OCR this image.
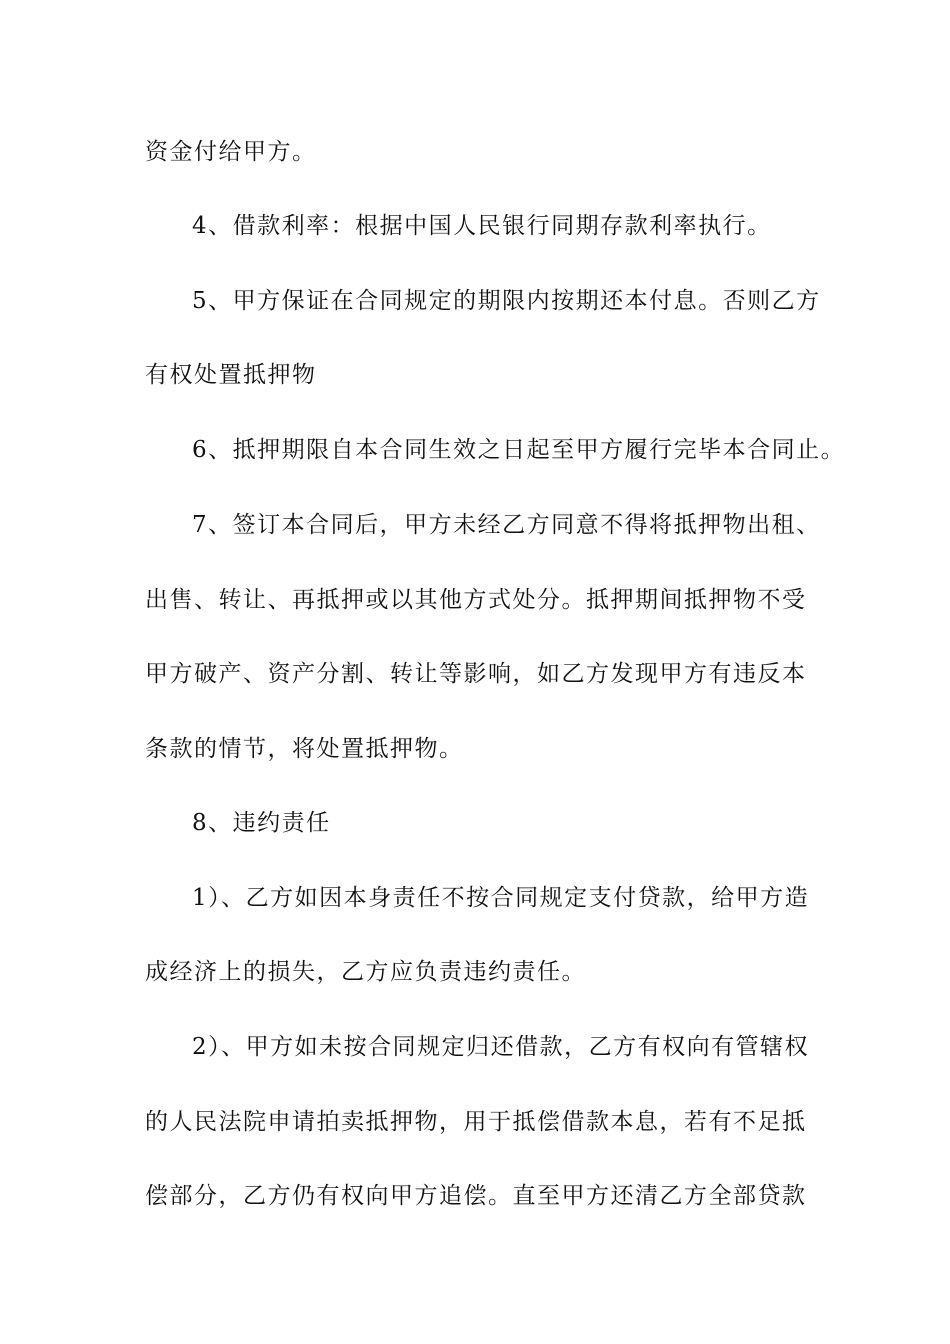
资金付给甲方。
4、借款利率：根据中国人民银行同期存款利率执行。
5、甲方保证在合同规定的期限内按期还本付息。否则乙方
有权处置抵押物
6、抵押期限自本合同生效之日起至甲方履行完毕本合同止。
7、签订本合同后，甲方未经乙方同意不得将抵押物出租、
出售、转让、再抵押或以其他方式处分。抵押期间抵押物不受
甲方破产、资产分割、转让等影响，如乙方发现甲方有违反本
条款的情节，将处置抵押物。
8、违约责任
1）、乙方如因本身责任不按合同规定支付贷款，给甲方造
成经济上的损失，乙方应负责违约责任。
2）、甲方如未按合同规定归还借款，乙方有权向有管辖权
的人民法院申请拍卖抵押物，用于抵偿借款本息，若有不足抵
偿部分，乙方仍有权向甲方追偿。直至甲方还清乙方全部贷款
